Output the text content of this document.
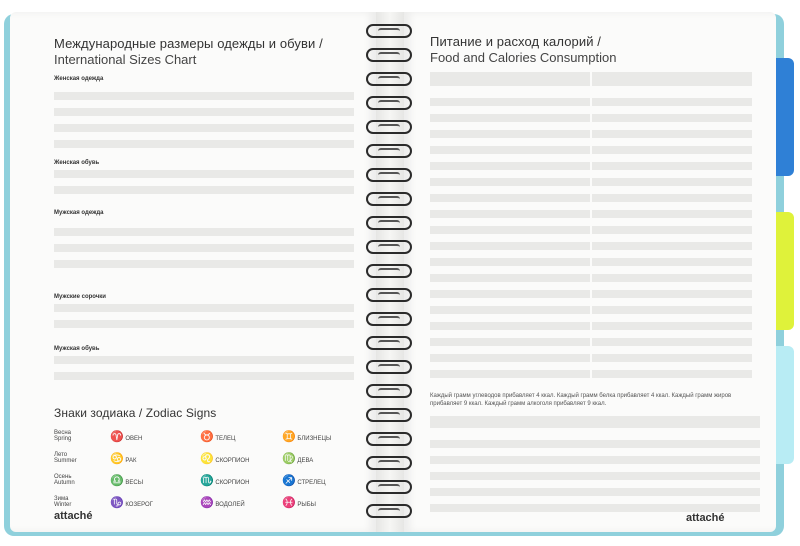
Международные размеры одежды и обуви /
International Sizes Chart
Женская одежда
Женская обувь
Мужская одежда
Мужские сорочки
Мужская обувь
Знаки зодиака / Zodiac Signs
Весна
Spring	♈ ОВЕН	♉ ТЕЛЕЦ	♊ БЛИЗНЕЦЫ
Лето
Summer	♋ РАК	♌ СКОРПИОН	♍ ДЕВА
Осень
Autumn	♎ ВЕСЫ	♏ СКОРПИОН	♐ СТРЕЛЕЦ
Зима
Winter	♑ КОЗЕРОГ	♒ ВОДОЛЕЙ	♓ РЫБЫ
attaché
Питание и расход калорий /
Food and Calories Consumption
Каждый грамм углеводов прибавляет 4 ккал. Каждый грамм белка прибавляет 4 ккал. Каждый грамм жиров прибавляет 9 ккал. Каждый грамм алкоголя прибавляет 9 ккал.
attaché
